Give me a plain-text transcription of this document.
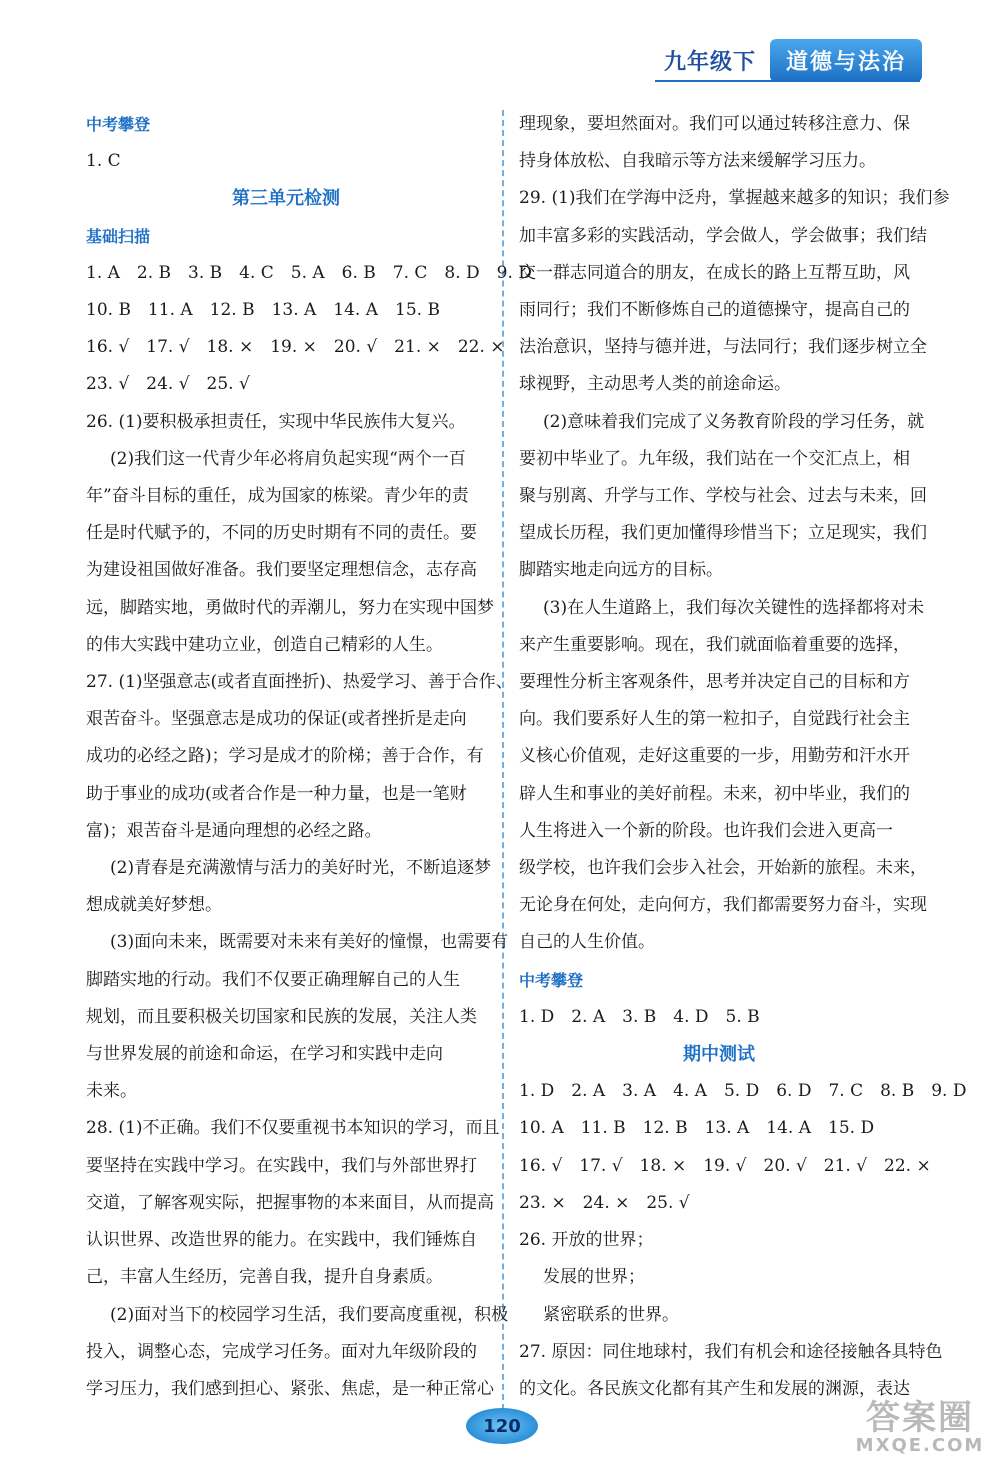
九年级下	道德与法治
中考攀登
1. C
第三单元检测
基础扫描
1. A　2. B　3. B　4. C　5. A　6. B　7. C　8. D　9. D
10. B　11. A　12. B　13. A　14. A　15. B
16. √　17. √　18. ×　19. ×　20. √　21. ×　22. ×
23. √　24. √　25. √
26. (1)要积极承担责任，实现中华民族伟大复兴。
(2)我们这一代青少年必将肩负起实现“两个一百
年”奋斗目标的重任，成为国家的栋梁。青少年的责
任是时代赋予的，不同的历史时期有不同的责任。要
为建设祖国做好准备。我们要坚定理想信念，志存高
远，脚踏实地，勇做时代的弄潮儿，努力在实现中国梦
的伟大实践中建功立业，创造自己精彩的人生。
27. (1)坚强意志(或者直面挫折)、热爱学习、善于合作、
艰苦奋斗。坚强意志是成功的保证(或者挫折是走向
成功的必经之路)；学习是成才的阶梯；善于合作，有
助于事业的成功(或者合作是一种力量，也是一笔财
富)；艰苦奋斗是通向理想的必经之路。
(2)青春是充满激情与活力的美好时光，不断追逐梦
想成就美好梦想。
(3)面向未来，既需要对未来有美好的憧憬，也需要有
脚踏实地的行动。我们不仅要正确理解自己的人生
规划，而且要积极关切国家和民族的发展，关注人类
与世界发展的前途和命运，在学习和实践中走向
未来。
28. (1)不正确。我们不仅要重视书本知识的学习，而且
要坚持在实践中学习。在实践中，我们与外部世界打
交道，了解客观实际，把握事物的本来面目，从而提高
认识世界、改造世界的能力。在实践中，我们锤炼自
己，丰富人生经历，完善自我，提升自身素质。
(2)面对当下的校园学习生活，我们要高度重视，积极
投入，调整心态，完成学习任务。面对九年级阶段的
学习压力，我们感到担心、紧张、焦虑，是一种正常心
理现象，要坦然面对。我们可以通过转移注意力、保
持身体放松、自我暗示等方法来缓解学习压力。
29. (1)我们在学海中泛舟，掌握越来越多的知识；我们参
加丰富多彩的实践活动，学会做人，学会做事；我们结
交一群志同道合的朋友，在成长的路上互帮互助，风
雨同行；我们不断修炼自己的道德操守，提高自己的
法治意识，坚持与德并进，与法同行；我们逐步树立全
球视野，主动思考人类的前途命运。
(2)意味着我们完成了义务教育阶段的学习任务，就
要初中毕业了。九年级，我们站在一个交汇点上，相
聚与别离、升学与工作、学校与社会、过去与未来，回
望成长历程，我们更加懂得珍惜当下；立足现实，我们
脚踏实地走向远方的目标。
(3)在人生道路上，我们每次关键性的选择都将对未
来产生重要影响。现在，我们就面临着重要的选择，
要理性分析主客观条件，思考并决定自己的目标和方
向。我们要系好人生的第一粒扣子，自觉践行社会主
义核心价值观，走好这重要的一步，用勤劳和汗水开
辟人生和事业的美好前程。未来，初中毕业，我们的
人生将进入一个新的阶段。也许我们会进入更高一
级学校，也许我们会步入社会，开始新的旅程。未来，
无论身在何处，走向何方，我们都需要努力奋斗，实现
自己的人生价值。
中考攀登
1. D　2. A　3. B　4. D　5. B
期中测试
1. D　2. A　3. A　4. A　5. D　6. D　7. C　8. B　9. D
10. A　11. B　12. B　13. A　14. A　15. D
16. √　17. √　18. ×　19. √　20. √　21. √　22. ×
23. ×　24. ×　25. √
26. 开放的世界；
发展的世界；
紧密联系的世界。
27. 原因：同住地球村，我们有机会和途径接触各具特色
的文化。各民族文化都有其产生和发展的渊源，表达
120	答案圈
MXQE.COM
